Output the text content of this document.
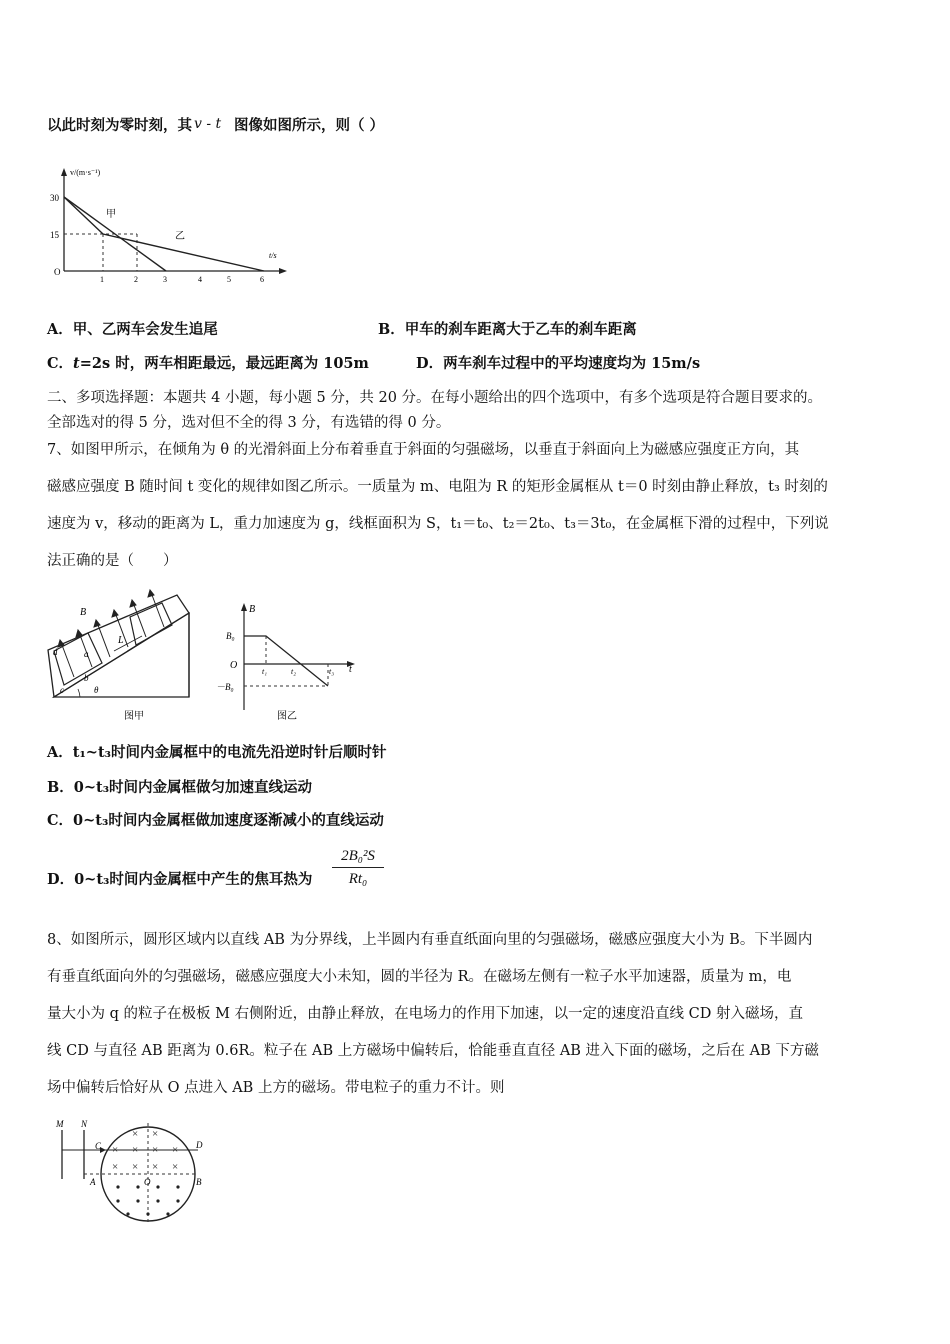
以此时刻为零时刻，其 v - t 图像如图所示，则（ ）
v/(m·s⁻¹)
t/s
30
15
O
1	2	3	4	5	6
甲
乙
A．甲、乙两车会发生追尾	B．甲车的刹车距离大于乙车的刹车距离
C．t=2s 时，两车相距最远，最远距离为 105m	D．两车刹车过程中的平均速度均为 15m/s
二、多项选择题：本题共 4 小题，每小题 5 分，共 20 分。在每小题给出的四个选项中，有多个选项是符合题目要求的。
全部选对的得 5 分，选对但不全的得 3 分，有选错的得 0 分。
7、如图甲所示，在倾角为 θ 的光滑斜面上分布着垂直于斜面的匀强磁场，以垂直于斜面向上为磁感应强度正方向，其
磁感应强度 B 随时间 t 变化的规律如图乙所示。一质量为 m、电阻为 R 的矩形金属框从 t＝0 时刻由静止释放，t₃ 时刻的
速度为 v，移动的距离为 L，重力加速度为 g，线框面积为 S，t₁＝t₀、t₂＝2t₀、t₃＝3t₀，在金属框下滑的过程中，下列说
法正确的是（　　）
B
L
a
b
c
d
θ
图甲
B
t
B₀
O
－B₀
t₁	t₂	t₃
图乙
A．t₁~t₃时间内金属框中的电流先沿逆时针后顺时针
B．0~t₃时间内金属框做匀加速直线运动
C．0~t₃时间内金属框做加速度逐渐减小的直线运动
D．0~t₃时间内金属框中产生的焦耳热为
2B₀²S
Rt₀
8、如图所示，圆形区域内以直线 AB 为分界线，上半圆内有垂直纸面向里的匀强磁场，磁感应强度大小为 B。下半圆内
有垂直纸面向外的匀强磁场，磁感应强度大小未知，圆的半径为 R。在磁场左侧有一粒子水平加速器，质量为 m，电
量大小为 q 的粒子在极板 M 右侧附近，由静止释放，在电场力的作用下加速，以一定的速度沿直线 CD 射入磁场，直
线 CD 与直径 AB 距离为 0.6R。粒子在 AB 上方磁场中偏转后，恰能垂直直径 AB 进入下面的磁场，之后在 AB 下方磁
场中偏转后恰好从 O 点进入 AB 上方的磁场。带电粒子的重力不计。则
M N
C	D
A	B
O
× ×
× × × ×
× × × ×
